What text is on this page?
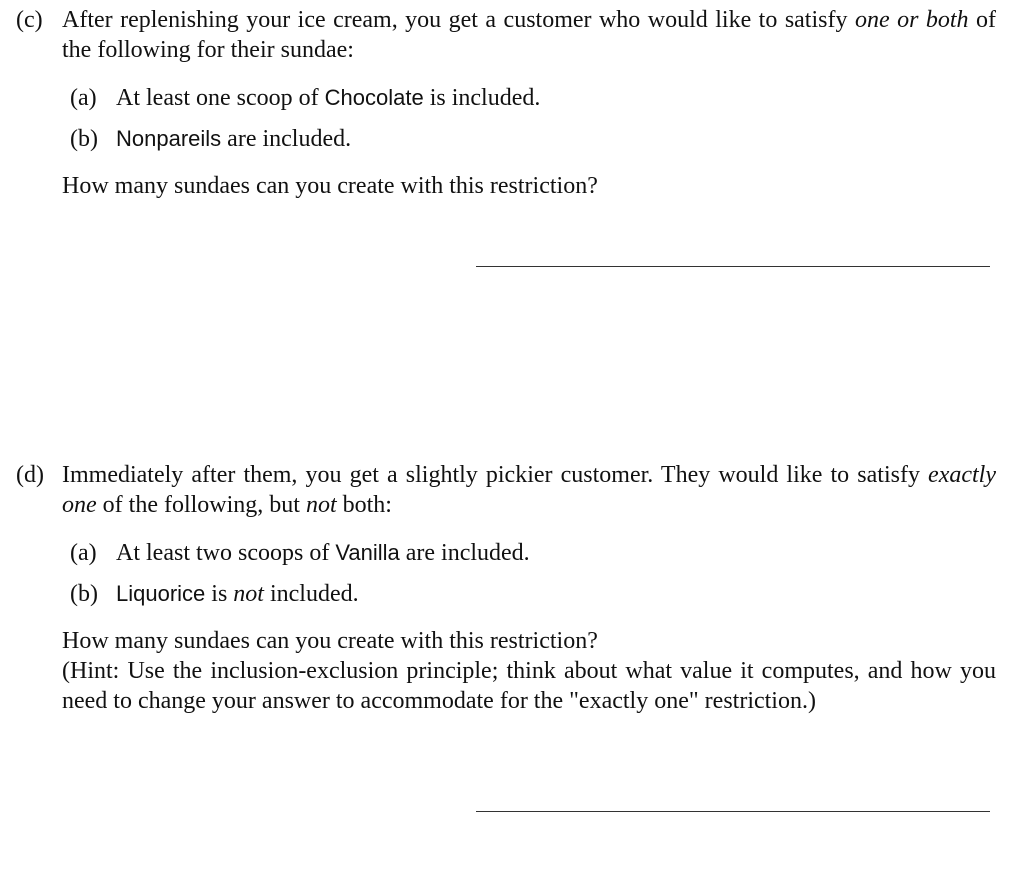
(c) After replenishing your ice cream, you get a customer who would like to satisfy one or both of the following for their sundae:
(a) At least one scoop of Chocolate is included.
(b) Nonpareils are included.
How many sundaes can you create with this restriction?
(d) Immediately after them, you get a slightly pickier customer. They would like to satisfy exactly one of the following, but not both:
(a) At least two scoops of Vanilla are included.
(b) Liquorice is not included.
How many sundaes can you create with this restriction?
(Hint: Use the inclusion-exclusion principle; think about what value it computes, and how you need to change your answer to accommodate for the "exactly one" restriction.)
